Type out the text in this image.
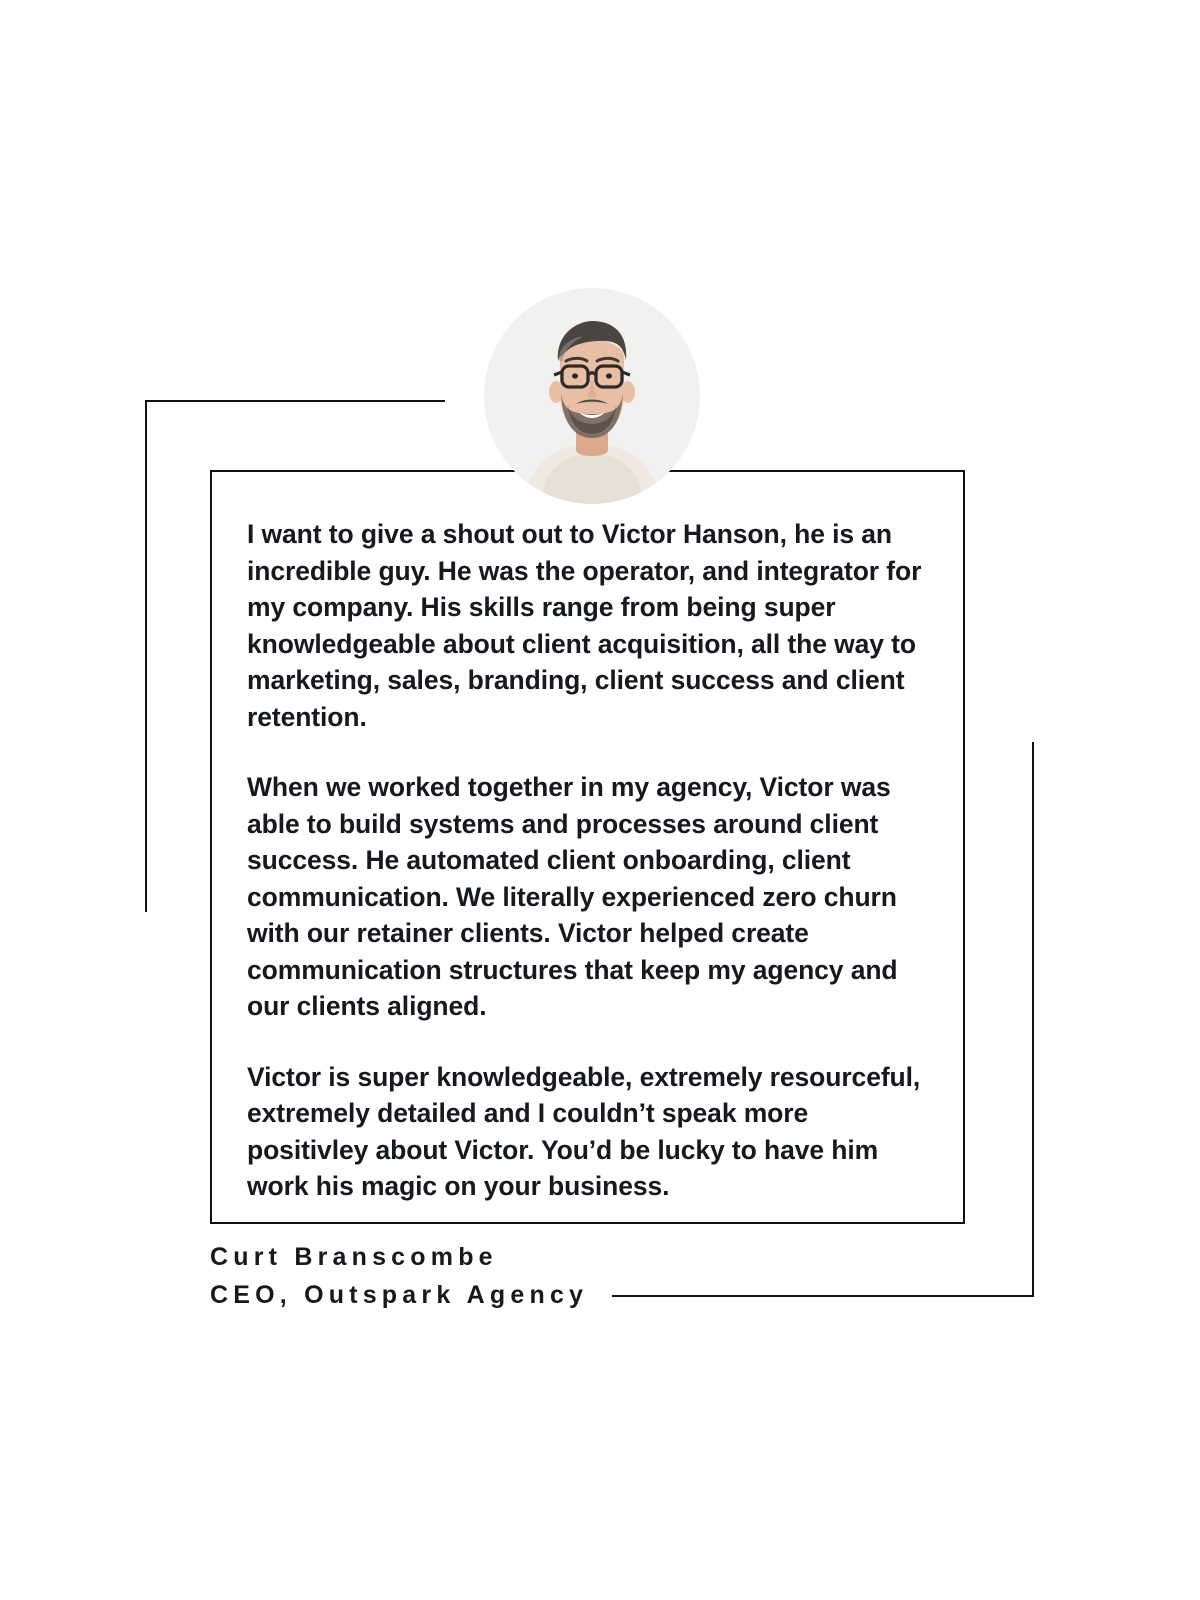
I want to give a shout out to Victor Hanson, he is an incredible guy. He was the operator, and integrator for my company. His skills range from being super knowledgeable about client acquisition, all the way to marketing, sales, branding, client success and client retention.

When we worked together in my agency, Victor was able to build systems and processes around client success. He automated client onboarding, client communication. We literally experienced zero churn with our retainer clients. Victor helped create communication structures that keep my agency and our clients aligned.

Victor is super knowledgeable, extremely resourceful, extremely detailed and I couldn’t speak more positivley about Victor. You’d be lucky to have him work his magic on your business.

Curt Branscombe
CEO, Outspark Agency
